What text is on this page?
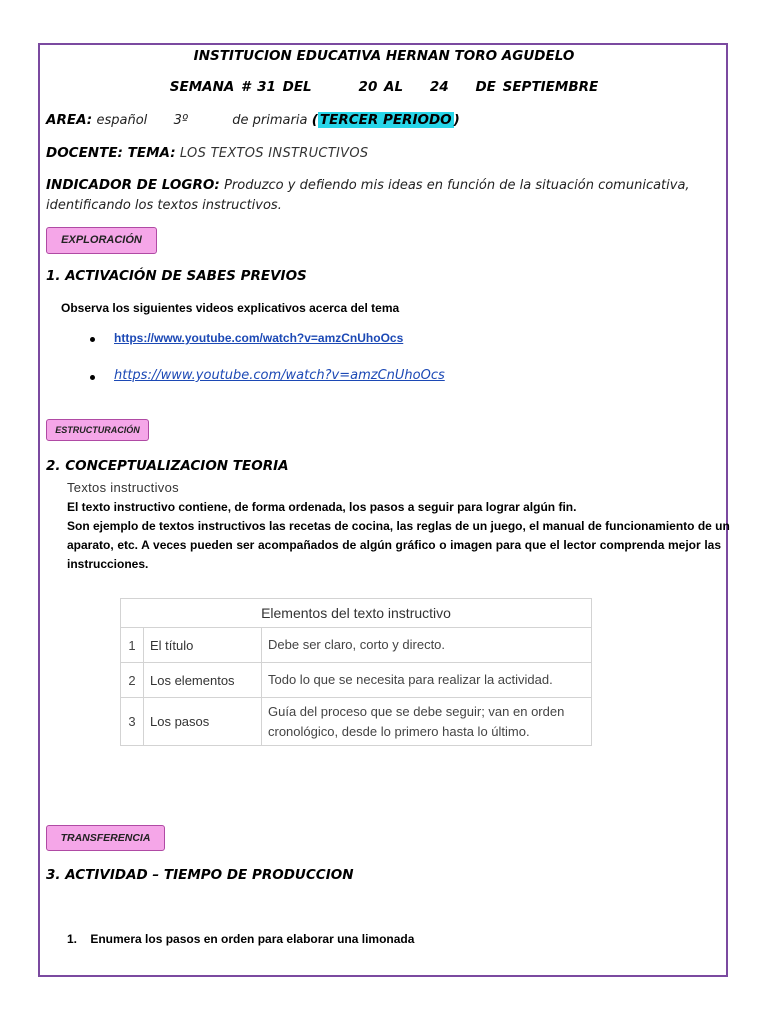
INSTITUCION EDUCATIVA HERNAN TORO AGUDELO
SEMANA # 31 DEL       20 AL    24    DE SEPTIEMBRE
AREA: español 3º	de primaria ( TERCER PERIODO )
DOCENTE: TEMA: LOS TEXTOS INSTRUCTIVOS
INDICADOR DE LOGRO: Produzco y defiendo mis ideas en función de la situación comunicativa,
identificando los textos instructivos.
EXPLORACIÓN
1. ACTIVACIÓN DE SABES PREVIOS
Observa los siguientes videos explicativos acerca del tema
https://www.youtube.com/watch?v=amzCnUhoOcs
https://www.youtube.com/watch?v=amzCnUhoOcs
ESTRUCTURACIÓN
2. CONCEPTUALIZACION TEORIA
Textos instructivos
El texto instructivo contiene, de forma ordenada, los pasos a seguir para lograr algún fin.
Son ejemplo de textos instructivos las recetas de cocina, las reglas de un juego, el manual de funcionamiento de un
aparato, etc. A veces pueden ser acompañados de algún gráfico o imagen para que el lector comprenda mejor las
instrucciones.
Elementos del texto instructivo		
1	El título	Debe ser claro, corto y directo.
2	Los elementos	Todo lo que se necesita para realizar la actividad.
3	Los pasos	Guía del proceso que se debe seguir; van en orden
cronológico, desde lo primero hasta lo último.
TRANSFERENCIA
3. ACTIVIDAD – TIEMPO DE PRODUCCION
1.    Enumera los pasos en orden para elaborar una limonada
